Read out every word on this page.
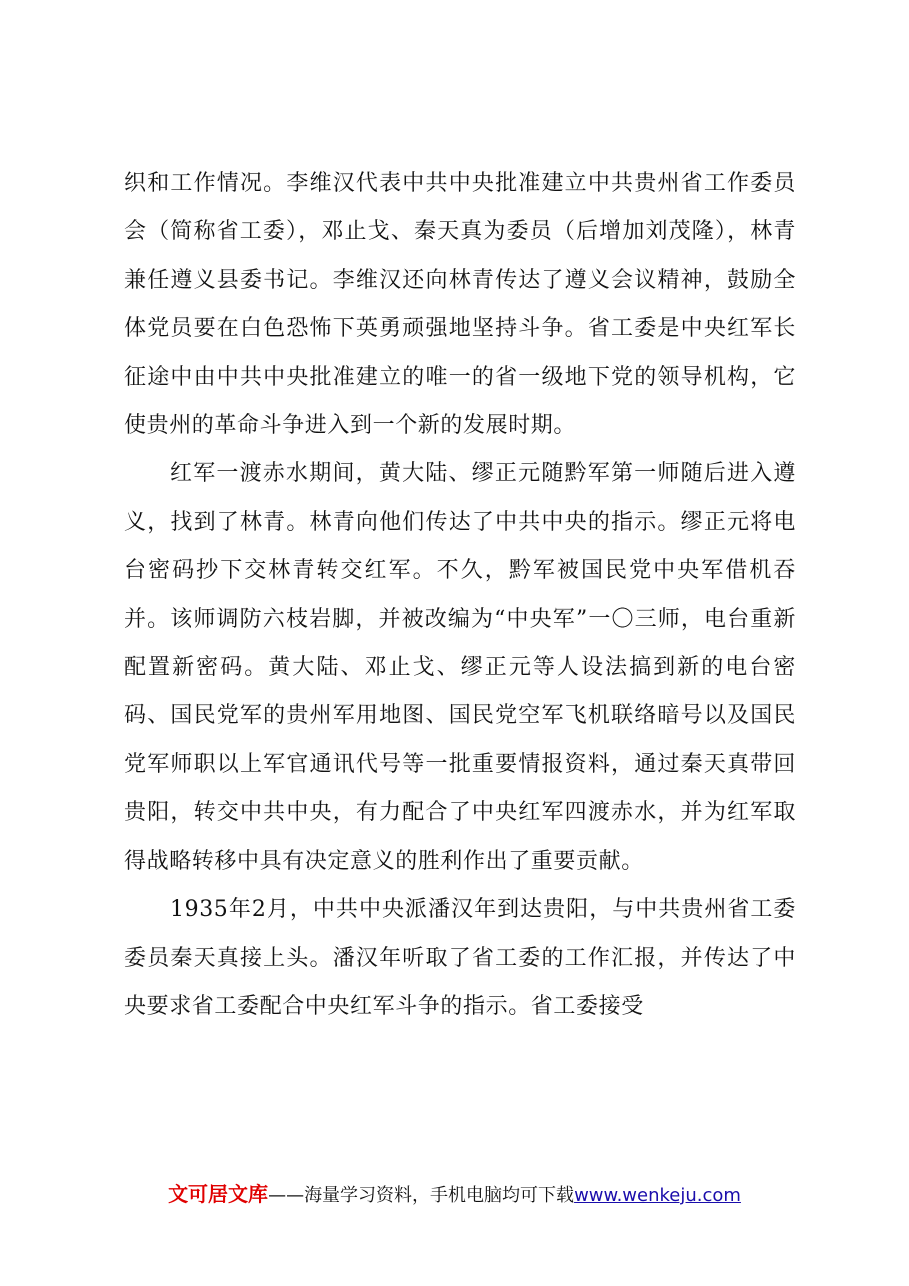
织和工作情况。李维汉代表中共中央批准建立中共贵州省工作委员会（简称省工委），邓止戈、秦天真为委员（后增加刘茂隆），林青兼任遵义县委书记。李维汉还向林青传达了遵义会议精神，鼓励全体党员要在白色恐怖下英勇顽强地坚持斗争。省工委是中央红军长征途中由中共中央批准建立的唯一的省一级地下党的领导机构，它使贵州的革命斗争进入到一个新的发展时期。

红军一渡赤水期间，黄大陆、缪正元随黔军第一师随后进入遵义，找到了林青。林青向他们传达了中共中央的指示。缪正元将电台密码抄下交林青转交红军。不久，黔军被国民党中央军借机吞并。该师调防六枝岩脚，并被改编为“中央军”一〇三师，电台重新配置新密码。黄大陆、邓止戈、缪正元等人设法搞到新的电台密码、国民党军的贵州军用地图、国民党空军飞机联络暗号以及国民党军师职以上军官通讯代号等一批重要情报资料，通过秦天真带回贵阳，转交中共中央，有力配合了中央红军四渡赤水，并为红军取得战略转移中具有决定意义的胜利作出了重要贡献。

1935年2月，中共中央派潘汉年到达贵阳，与中共贵州省工委委员秦天真接上头。潘汉年听取了省工委的工作汇报，并传达了中央要求省工委配合中央红军斗争的指示。省工委接受

文可居文库——海量学习资料，手机电脑均可下载www.wenkeju.com
